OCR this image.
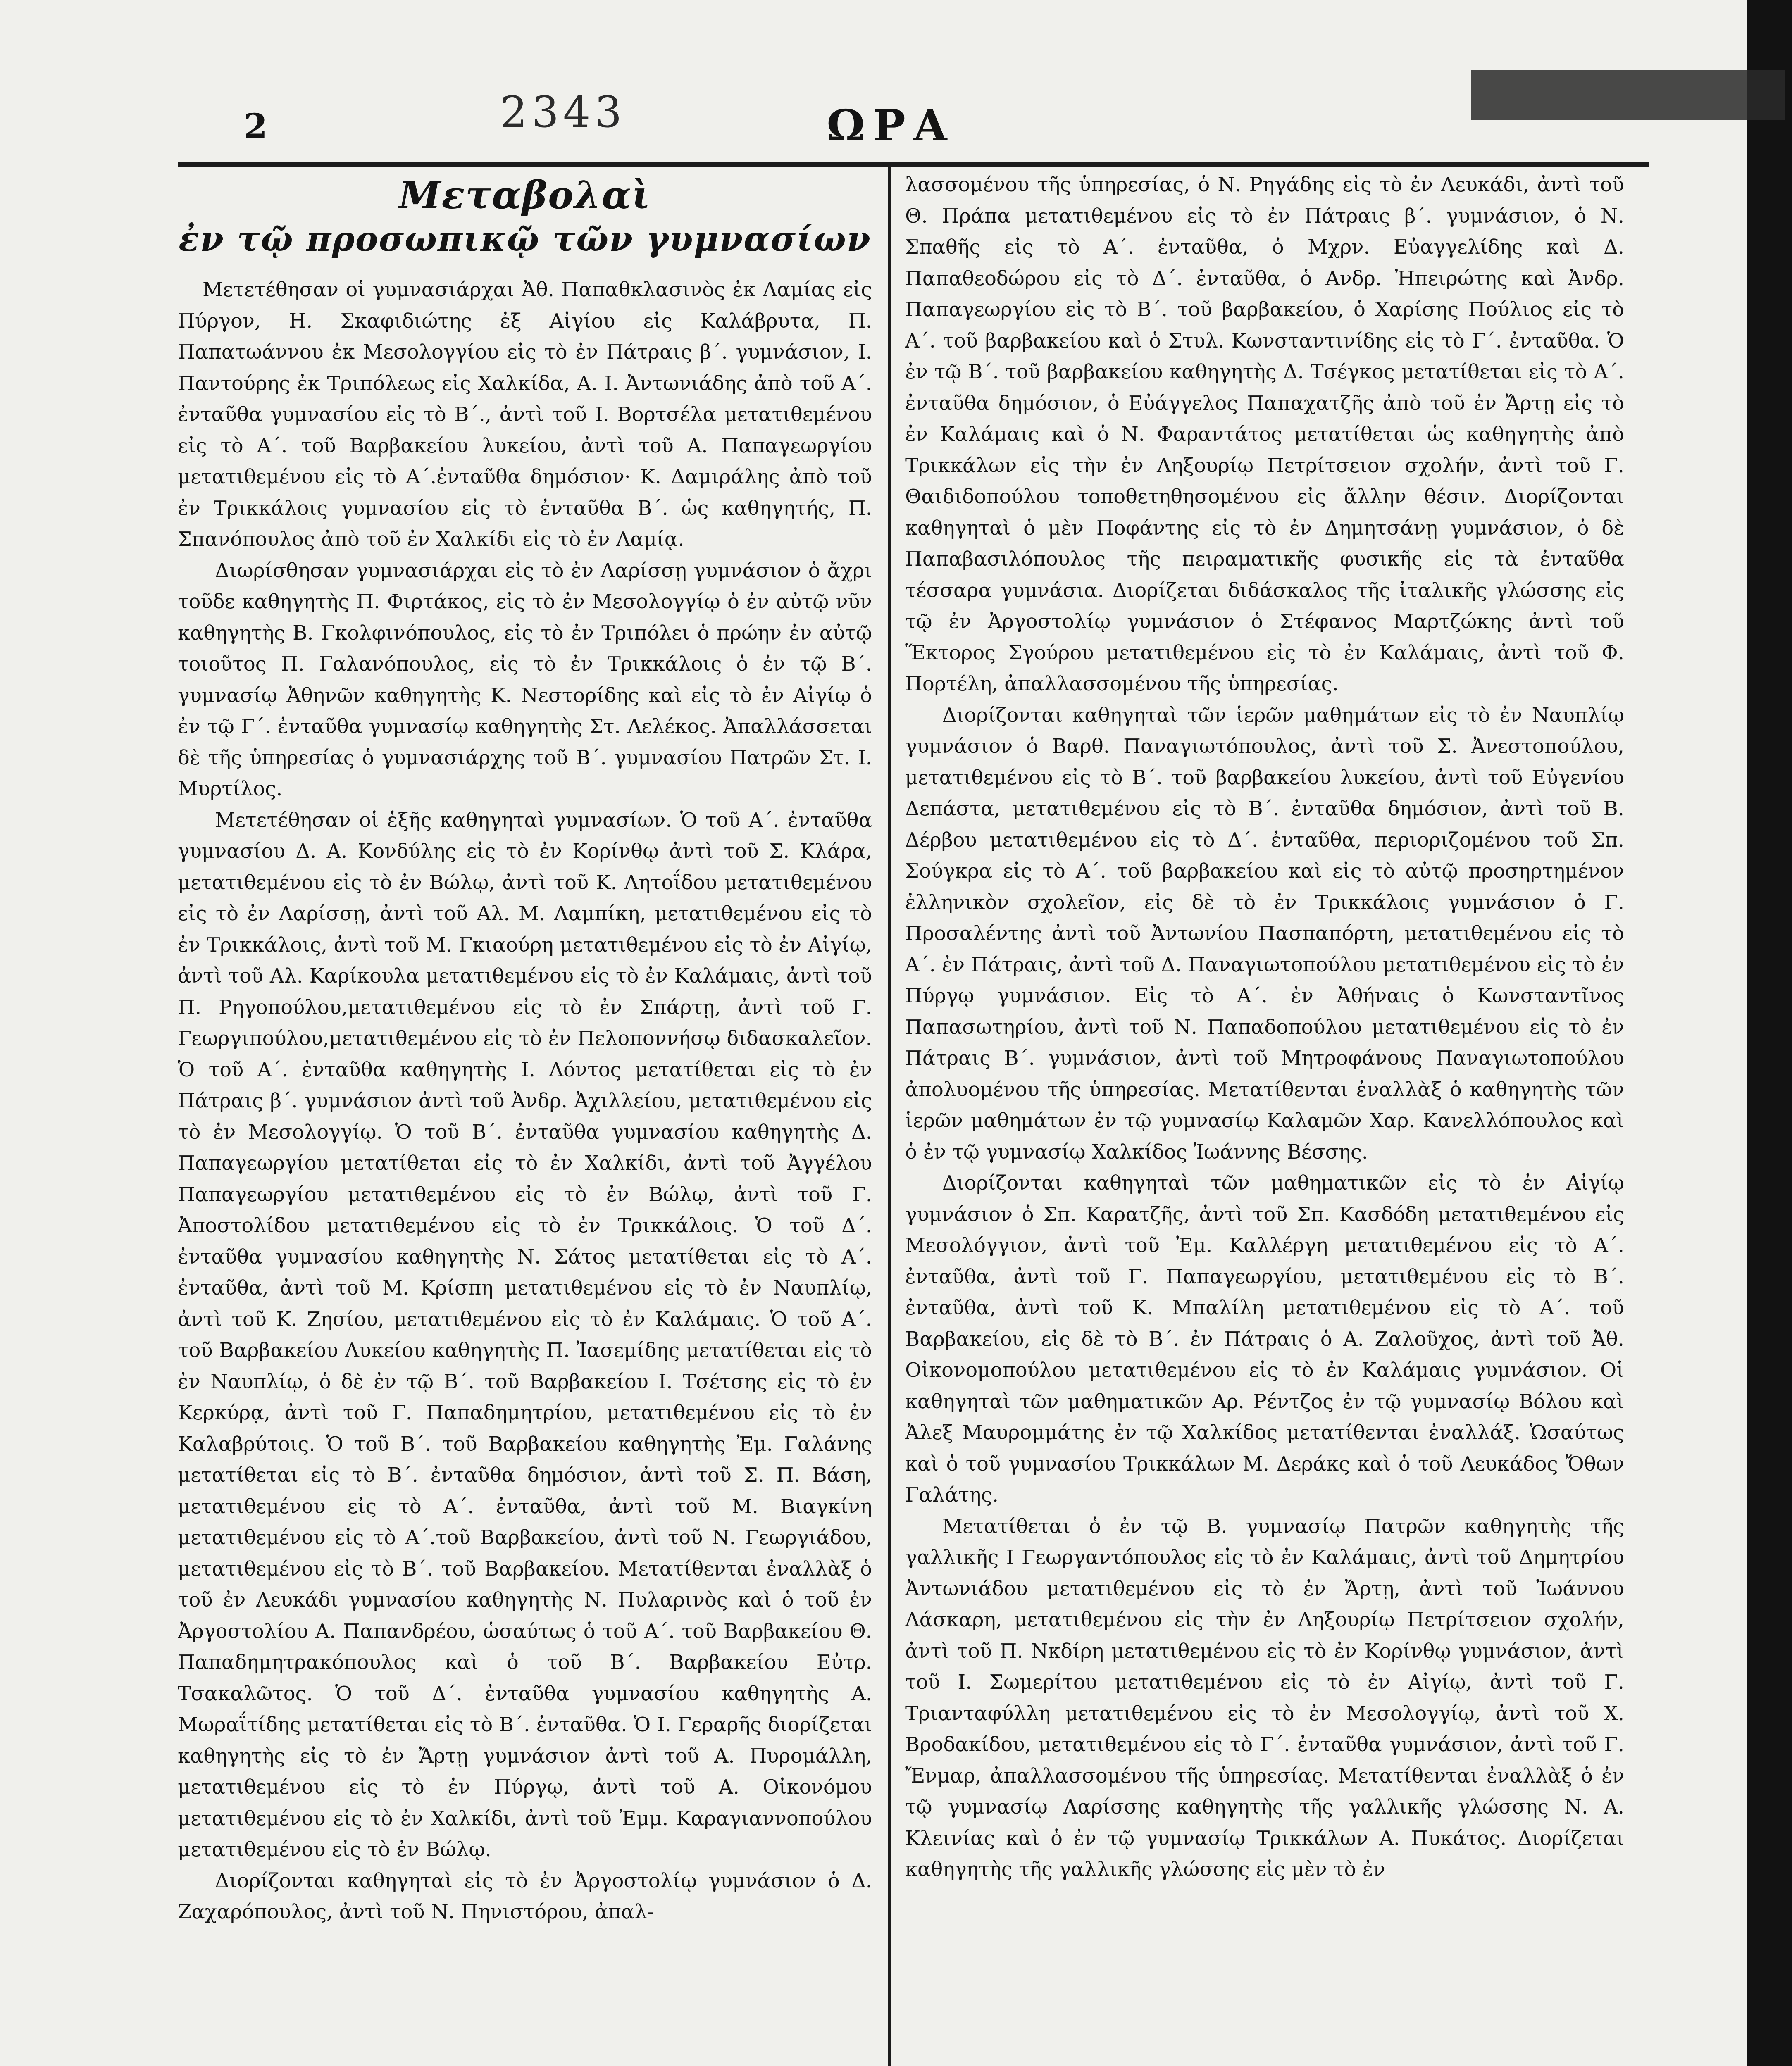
2	2343	ΩΡΑ
Μεταβολαὶ
ἐν τῷ προσωπικῷ τῶν γυμνασίων

Μετετέθησαν οἱ γυμνασιάρχαι Ἀθ. Παπαθκλασινὸς ἐκ Λαμίας εἰς Πύργον, Η. Σκαφιδιώτης ἐξ Αἰγίου εἰς Καλάβρυτα, Π. Παπατωάννου ἐκ Μεσολογγίου εἰς τὸ ἐν Πάτραις β΄. γυμνάσιον, Ι. Παντούρης ἐκ Τριπόλεως εἰς Χαλκίδα, Α. Ι. Ἀντωνιάδης ἀπὸ τοῦ Α΄. ἐνταῦθα γυμνασίου εἰς τὸ Β΄., ἀντὶ τοῦ Ι. Βορτσέλα μετατιθεμένου εἰς τὸ Α΄. τοῦ Βαρβακείου λυκείου, ἀντὶ τοῦ Α. Παπαγεωργίου μετατιθεμένου εἰς τὸ Α΄.ἐνταῦθα δημόσιον· Κ. Δαμιράλης ἀπὸ τοῦ ἐν Τρικκάλοις γυμνασίου εἰς τὸ ἐνταῦθα Β΄. ὡς καθηγητής, Π. Σπανόπουλος ἀπὸ τοῦ ἐν Χαλκίδι εἰς τὸ ἐν Λαμίᾳ.

Διωρίσθησαν γυμνασιάρχαι εἰς τὸ ἐν Λαρίσσῃ γυμνάσιον ὁ ἄχρι τοῦδε καθηγητὴς Π. Φιρτάκος, εἰς τὸ ἐν Μεσολογγίῳ ὁ ἐν αὐτῷ νῦν καθηγητὴς Β. Γκολφινόπουλος, εἰς τὸ ἐν Τριπόλει ὁ πρώην ἐν αὐτῷ τοιοῦτος Π. Γαλανόπουλος, εἰς τὸ ἐν Τρικκάλοις ὁ ἐν τῷ Β΄. γυμνασίῳ Ἀθηνῶν καθηγητὴς Κ. Νεστορίδης καὶ εἰς τὸ ἐν Αἰγίῳ ὁ ἐν τῷ Γ΄. ἐνταῦθα γυμνασίῳ καθηγητὴς Στ. Λελέκος. Ἀπαλλάσσεται δὲ τῆς ὑπηρεσίας ὁ γυμνασιάρχης τοῦ Β΄. γυμνασίου Πατρῶν Στ. Ι. Μυρτίλος.

Μετετέθησαν οἱ ἑξῆς καθηγηταὶ γυμνασίων. Ὁ τοῦ Α΄. ἐνταῦθα γυμνασίου Δ. Α. Κονδύλης εἰς τὸ ἐν Κορίνθῳ ἀντὶ τοῦ Σ. Κλάρα, μετατιθεμένου εἰς τὸ ἐν Βώλῳ, ἀντὶ τοῦ Κ. Λητοΐδου μετατιθεμένου εἰς τὸ ἐν Λαρίσσῃ, ἀντὶ τοῦ Αλ. Μ. Λαμπίκη, μετατιθεμένου εἰς τὸ ἐν Τρικκάλοις, ἀντὶ τοῦ Μ. Γκιαούρη μετατιθεμένου εἰς τὸ ἐν Αἰγίῳ, ἀντὶ τοῦ Αλ. Καρίκουλα μετατιθεμένου εἰς τὸ ἐν Καλάμαις, ἀντὶ τοῦ Π. Ρηγοπούλου,μετατιθεμένου εἰς τὸ ἐν Σπάρτῃ, ἀντὶ τοῦ Γ. Γεωργιπούλου,μετατιθεμένου εἰς τὸ ἐν Πελοποννήσῳ διδασκαλεῖον. Ὁ τοῦ Α΄. ἐνταῦθα καθηγητὴς Ι. Λόντος μετατίθεται εἰς τὸ ἐν Πάτραις β΄. γυμνάσιον ἀντὶ τοῦ Ἀνδρ. Ἀχιλλείου, μετατιθεμένου εἰς τὸ ἐν Μεσολογγίῳ. Ὁ τοῦ Β΄. ἐνταῦθα γυμνασίου καθηγητὴς Δ. Παπαγεωργίου μετατίθεται εἰς τὸ ἐν Χαλκίδι, ἀντὶ τοῦ Ἀγγέλου Παπαγεωργίου μετατιθεμένου εἰς τὸ ἐν Βώλῳ, ἀντὶ τοῦ Γ. Ἀποστολίδου μετατιθεμένου εἰς τὸ ἐν Τρικκάλοις. Ὁ τοῦ Δ΄. ἐνταῦθα γυμνασίου καθηγητὴς Ν. Σάτος μετατίθεται εἰς τὸ Α΄. ἐνταῦθα, ἀντὶ τοῦ Μ. Κρίσπη μετατιθεμένου εἰς τὸ ἐν Ναυπλίῳ, ἀντὶ τοῦ Κ. Ζησίου, μετατιθεμένου εἰς τὸ ἐν Καλάμαις. Ὁ τοῦ Α΄. τοῦ Βαρβακείου Λυκείου καθηγητὴς Π. Ἰασεμίδης μετατίθεται εἰς τὸ ἐν Ναυπλίῳ, ὁ δὲ ἐν τῷ Β΄. τοῦ Βαρβακείου Ι. Τσέτσης εἰς τὸ ἐν Κερκύρᾳ, ἀντὶ τοῦ Γ. Παπαδημητρίου, μετατιθεμένου εἰς τὸ ἐν Καλαβρύτοις. Ὁ τοῦ Β΄. τοῦ Βαρβακείου καθηγητὴς Ἐμ. Γαλάνης μετατίθεται εἰς τὸ Β΄. ἐνταῦθα δημόσιον, ἀντὶ τοῦ Σ. Π. Βάση, μετατιθεμένου εἰς τὸ Α΄. ἐνταῦθα, ἀντὶ τοῦ Μ. Βιαγκίνη μετατιθεμένου εἰς τὸ Α΄.τοῦ Βαρβακείου, ἀντὶ τοῦ Ν. Γεωργιάδου, μετατιθεμένου εἰς τὸ Β΄. τοῦ Βαρβακείου. Μετατίθενται ἐναλλὰξ ὁ τοῦ ἐν Λευκάδι γυμνασίου καθηγητὴς Ν. Πυλαρινὸς καὶ ὁ τοῦ ἐν Ἀργοστολίου Α. Παπανδρέου, ὡσαύτως ὁ τοῦ Α΄. τοῦ Βαρβακείου Θ. Παπαδημητρακόπουλος καὶ ὁ τοῦ Β΄. Βαρβακείου Εὐτρ. Τσακαλῶτος. Ὁ τοῦ Δ΄. ἐνταῦθα γυμνασίου καθηγητὴς Α. Μωραΐτίδης μετατίθεται εἰς τὸ Β΄. ἐνταῦθα. Ὁ Ι. Γεραρῆς διορίζεται καθηγητὴς εἰς τὸ ἐν Ἄρτῃ γυμνάσιον ἀντὶ τοῦ Α. Πυρομάλλη, μετατιθεμένου εἰς τὸ ἐν Πύργῳ, ἀντὶ τοῦ Α. Οἰκονόμου μετατιθεμένου εἰς τὸ ἐν Χαλκίδι, ἀντὶ τοῦ Ἐμμ. Καραγιαννοπούλου μετατιθεμένου εἰς τὸ ἐν Βώλῳ.

Διορίζονται καθηγηταὶ εἰς τὸ ἐν Ἀργοστολίῳ γυμνάσιον ὁ Δ. Ζαχαρόπουλος, ἀντὶ τοῦ Ν. Πηνιστόρου, ἀπαλ-

λασσομένου τῆς ὑπηρεσίας, ὁ Ν. Ρηγάδης εἰς τὸ ἐν Λευκάδι, ἀντὶ τοῦ Θ. Πράπα μετατιθεμένου εἰς τὸ ἐν Πάτραις β΄. γυμνάσιον, ὁ Ν. Σπαθῆς εἰς τὸ Α΄. ἐνταῦθα, ὁ Μχρν. Εὐαγγελίδης καὶ Δ. Παπαθεοδώρου εἰς τὸ Δ΄. ἐνταῦθα, ὁ Ανδρ. Ἠπειρώτης καὶ Ἀνδρ. Παπαγεωργίου εἰς τὸ Β΄. τοῦ βαρβακείου, ὁ Χαρίσης Πούλιος εἰς τὸ Α΄. τοῦ βαρβακείου καὶ ὁ Στυλ. Κωνσταντινίδης εἰς τὸ Γ΄. ἐνταῦθα. Ὁ ἐν τῷ Β΄. τοῦ βαρβακείου καθηγητὴς Δ. Τσέγκος μετατίθεται εἰς τὸ Α΄. ἐνταῦθα δημόσιον, ὁ Εὐάγγελος Παπαχατζῆς ἀπὸ τοῦ ἐν Ἄρτῃ εἰς τὸ ἐν Καλάμαις καὶ ὁ Ν. Φαραντάτος μετατίθεται ὡς καθηγητὴς ἀπὸ Τρικκάλων εἰς τὴν ἐν Ληξουρίῳ Πετρίτσειον σχολήν, ἀντὶ τοῦ Γ. Θαιδιδοπούλου τοποθετηθησομένου εἰς ἄλλην θέσιν. Διορίζονται καθηγηταὶ ὁ μὲν Ποφάντης εἰς τὸ ἐν Δημητσάνῃ γυμνάσιον, ὁ δὲ Παπαβασιλόπουλος τῆς πειραματικῆς φυσικῆς εἰς τὰ ἐνταῦθα τέσσαρα γυμνάσια. Διορίζεται διδάσκαλος τῆς ἰταλικῆς γλώσσης εἰς τῷ ἐν Ἀργοστολίῳ γυμνάσιον ὁ Στέφανος Μαρτζώκης ἀντὶ τοῦ Ἕκτορος Σγούρου μετατιθεμένου εἰς τὸ ἐν Καλάμαις, ἀντὶ τοῦ Φ. Πορτέλη, ἀπαλλασσομένου τῆς ὑπηρεσίας.

Διορίζονται καθηγηταὶ τῶν ἱερῶν μαθημάτων εἰς τὸ ἐν Ναυπλίῳ γυμνάσιον ὁ Βαρθ. Παναγιωτόπουλος, ἀντὶ τοῦ Σ. Ἀνεστοπούλου, μετατιθεμένου εἰς τὸ Β΄. τοῦ βαρβακείου λυκείου, ἀντὶ τοῦ Εὐγενίου Δεπάστα, μετατιθεμένου εἰς τὸ Β΄. ἐνταῦθα δημόσιον, ἀντὶ τοῦ Β. Δέρβου μετατιθεμένου εἰς τὸ Δ΄. ἐνταῦθα, περιοριζομένου τοῦ Σπ. Σούγκρα εἰς τὸ Α΄. τοῦ βαρβακείου καὶ εἰς τὸ αὐτῷ προσηρτημένον ἑλληνικὸν σχολεῖον, εἰς δὲ τὸ ἐν Τρικκάλοις γυμνάσιον ὁ Γ. Προσαλέντης ἀντὶ τοῦ Ἀντωνίου Πασπαπόρτη, μετατιθεμένου εἰς τὸ Α΄. ἐν Πάτραις, ἀντὶ τοῦ Δ. Παναγιωτοπούλου μετατιθεμένου εἰς τὸ ἐν Πύργῳ γυμνάσιον. Εἰς τὸ Α΄. ἐν Ἀθήναις ὁ Κωνσταντῖνος Παπασωτηρίου, ἀντὶ τοῦ Ν. Παπαδοπούλου μετατιθεμένου εἰς τὸ ἐν Πάτραις Β΄. γυμνάσιον, ἀντὶ τοῦ Μητροφάνους Παναγιωτοπούλου ἀπολυομένου τῆς ὑπηρεσίας. Μετατίθενται ἐναλλὰξ ὁ καθηγητὴς τῶν ἱερῶν μαθημάτων ἐν τῷ γυμνασίῳ Καλαμῶν Χαρ. Κανελλόπουλος καὶ ὁ ἐν τῷ γυμνασίῳ Χαλκίδος Ἰωάννης Βέσσης.

Διορίζονται καθηγηταὶ τῶν μαθηματικῶν εἰς τὸ ἐν Αἰγίῳ γυμνάσιον ὁ Σπ. Καρατζῆς, ἀντὶ τοῦ Σπ. Κασδόδη μετατιθεμένου εἰς Μεσολόγγιον, ἀντὶ τοῦ Ἐμ. Καλλέργη μετατιθεμένου εἰς τὸ Α΄. ἐνταῦθα, ἀντὶ τοῦ Γ. Παπαγεωργίου, μετατιθεμένου εἰς τὸ Β΄. ἐνταῦθα, ἀντὶ τοῦ Κ. Μπαλίλη μετατιθεμένου εἰς τὸ Α΄. τοῦ Βαρβακείου, εἰς δὲ τὸ Β΄. ἐν Πάτραις ὁ Α. Ζαλοῦχος, ἀντὶ τοῦ Ἀθ. Οἰκονομοπούλου μετατιθεμένου εἰς τὸ ἐν Καλάμαις γυμνάσιον. Οἱ καθηγηταὶ τῶν μαθηματικῶν Αρ. Ρέντζος ἐν τῷ γυμνασίῳ Βόλου καὶ Ἀλεξ Μαυρομμάτης ἐν τῷ Χαλκίδος μετατίθενται ἐναλλάξ. Ὡσαύτως καὶ ὁ τοῦ γυμνασίου Τρικκάλων Μ. Δεράκς καὶ ὁ τοῦ Λευκάδος Ὄθων Γαλάτης.

Μετατίθεται ὁ ἐν τῷ Β. γυμνασίῳ Πατρῶν καθηγητὴς τῆς γαλλικῆς Ι Γεωργαντόπουλος εἰς τὸ ἐν Καλάμαις, ἀντὶ τοῦ Δημητρίου Ἀντωνιάδου μετατιθεμένου εἰς τὸ ἐν Ἄρτῃ, ἀντὶ τοῦ Ἰωάννου Λάσκαρη, μετατιθεμένου εἰς τὴν ἐν Ληξουρίῳ Πετρίτσειον σχολήν, ἀντὶ τοῦ Π. Νκδίρη μετατιθεμένου εἰς τὸ ἐν Κορίνθῳ γυμνάσιον, ἀντὶ τοῦ Ι. Σωμερίτου μετατιθεμένου εἰς τὸ ἐν Αἰγίῳ, ἀντὶ τοῦ Γ. Τριανταφύλλη μετατιθεμένου εἰς τὸ ἐν Μεσολογγίῳ, ἀντὶ τοῦ Χ. Βροδακίδου, μετατιθεμένου εἰς τὸ Γ΄. ἐνταῦθα γυμνάσιον, ἀντὶ τοῦ Γ. Ἔνμαρ, ἀπαλλασσομένου τῆς ὑπηρεσίας. Μετατίθενται ἐναλλὰξ ὁ ἐν τῷ γυμνασίῳ Λαρίσσης καθηγητὴς τῆς γαλλικῆς γλώσσης Ν. Α. Κλεινίας καὶ ὁ ἐν τῷ γυμνασίῳ Τρικκάλων Α. Πυκάτος. Διορίζεται καθηγητὴς τῆς γαλλικῆς γλώσσης εἰς μὲν τὸ ἐν
